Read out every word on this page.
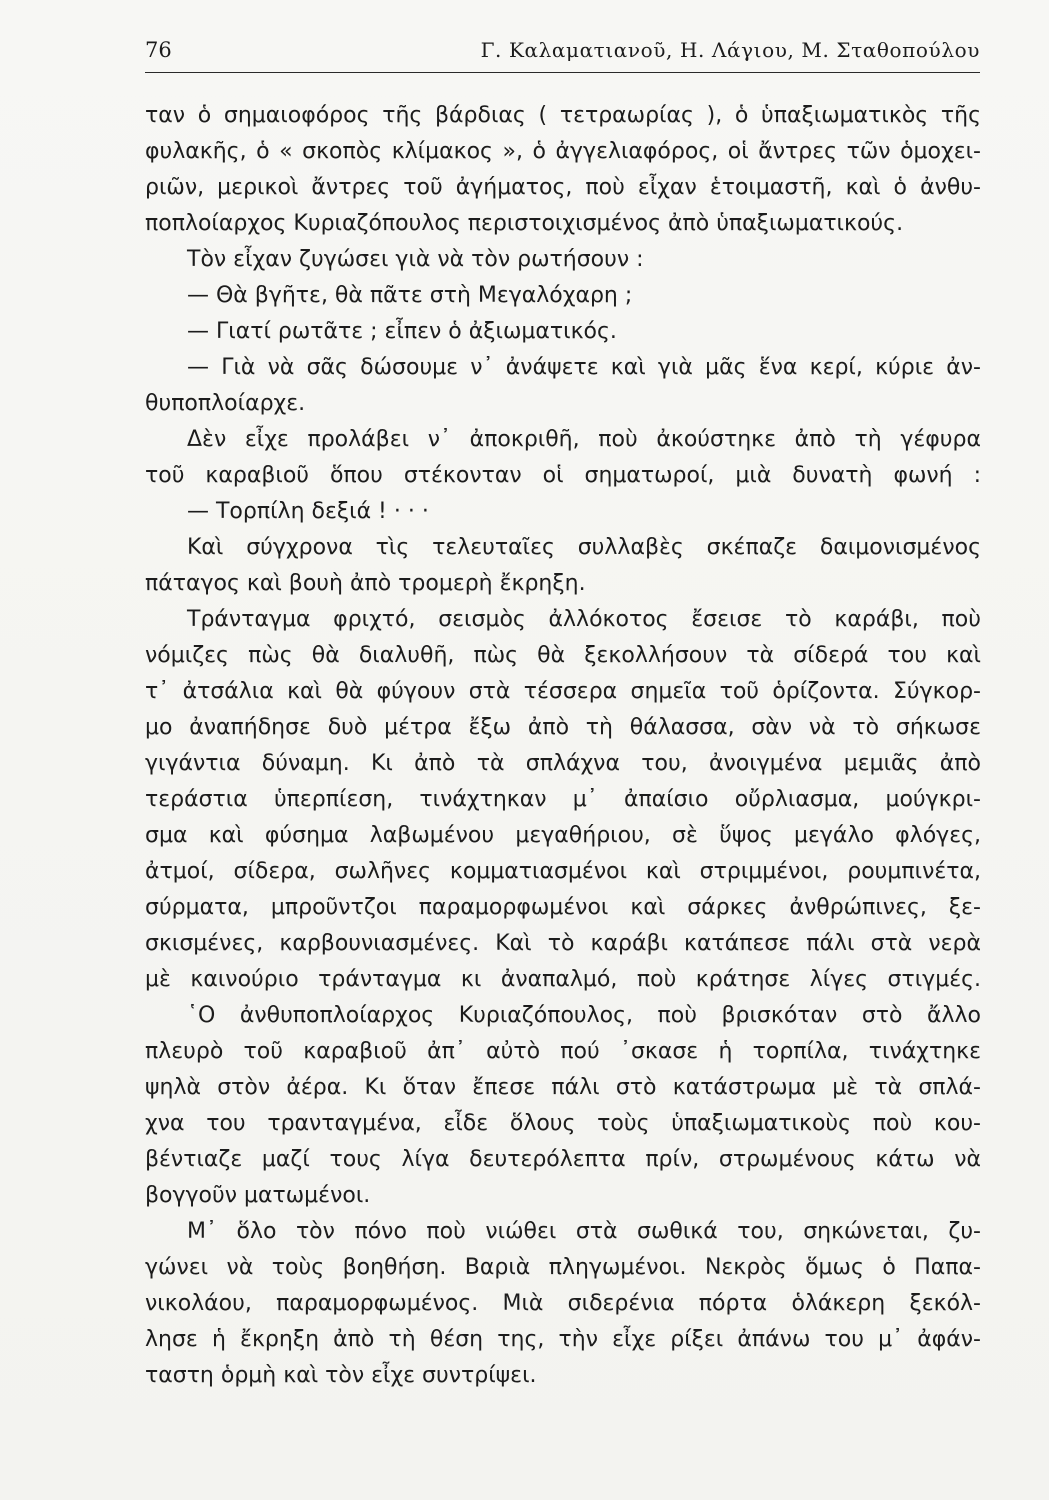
76	Γ. Καλαματιανοῦ, Η. Λάγιου, Μ. Σταθοπούλου
ταν ὁ σημαιοφόρος τῆς βάρδιας ( τετραωρίας ), ὁ ὑπαξιωματικὸς τῆς
φυλακῆς, ὁ « σκοπὸς κλίμακος », ὁ ἀγγελιαφόρος, οἱ ἄντρες τῶν ὁμοχει-
ριῶν, μερικοὶ ἄντρες τοῦ ἀγήματος, ποὺ εἶχαν ἑτοιμαστῆ, καὶ ὁ ἀνθυ-
ποπλοίαρχος Κυριαζόπουλος περιστοιχισμένος ἀπὸ ὑπαξιωματικούς.
Τὸν εἶχαν ζυγώσει γιὰ νὰ τὸν ρωτήσουν :
— Θὰ βγῆτε, θὰ πᾶτε στὴ Μεγαλόχαρη ;
— Γιατί ρωτᾶτε ; εἶπεν ὁ ἀξιωματικός.
— Γιὰ νὰ σᾶς δώσουμε ν᾿ ἀνάψετε καὶ γιὰ μᾶς ἕνα κερί, κύριε ἀν-
θυποπλοίαρχε.
Δὲν εἶχε προλάβει ν᾿ ἀποκριθῆ, ποὺ ἀκούστηκε ἀπὸ τὴ γέφυρα
τοῦ καραβιοῦ ὅπου στέκονταν οἱ σηματωροί, μιὰ δυνατὴ φωνή :
— Τορπίλη δεξιά ! · · ·
Καὶ σύγχρονα τὶς τελευταῖες συλλαβὲς σκέπαζε δαιμονισμένος
πάταγος καὶ βουὴ ἀπὸ τρομερὴ ἔκρηξη.
Τράνταγμα φριχτό, σεισμὸς ἀλλόκοτος ἔσεισε τὸ καράβι, ποὺ
νόμιζες πὼς θὰ διαλυθῆ, πὼς θὰ ξεκολλήσουν τὰ σίδερά του καὶ
τ᾿ ἀτσάλια καὶ θὰ φύγουν στὰ τέσσερα σημεῖα τοῦ ὁρίζοντα. Σύγκορ-
μο ἀναπήδησε δυὸ μέτρα ἔξω ἀπὸ τὴ θάλασσα, σὰν νὰ τὸ σήκωσε
γιγάντια δύναμη. Κι ἀπὸ τὰ σπλάχνα του, ἀνοιγμένα μεμιᾶς ἀπὸ
τεράστια ὑπερπίεση, τινάχτηκαν μ᾿ ἀπαίσιο οὔρλιασμα, μούγκρι-
σμα καὶ φύσημα λαβωμένου μεγαθήριου, σὲ ὕψος μεγάλο φλόγες,
ἀτμοί, σίδερα, σωλῆνες κομματιασμένοι καὶ στριμμένοι, ρουμπινέτα,
σύρματα, μπροῦντζοι παραμορφωμένοι καὶ σάρκες ἀνθρώπινες, ξε-
σκισμένες, καρβουνιασμένες. Καὶ τὸ καράβι κατάπεσε πάλι στὰ νερὰ
μὲ καινούριο τράνταγμα κι ἀναπαλμό, ποὺ κράτησε λίγες στιγμές.
῾Ο ἀνθυποπλοίαρχος Κυριαζόπουλος, ποὺ βρισκόταν στὸ ἄλλο
πλευρὸ τοῦ καραβιοῦ ἀπ᾿ αὐτὸ πού ᾿σκασε ἡ τορπίλα, τινάχτηκε
ψηλὰ στὸν ἀέρα. Κι ὅταν ἔπεσε πάλι στὸ κατάστρωμα μὲ τὰ σπλά-
χνα του τρανταγμένα, εἶδε ὅλους τοὺς ὑπαξιωματικοὺς ποὺ κου-
βέντιαζε μαζί τους λίγα δευτερόλεπτα πρίν, στρωμένους κάτω νὰ
βογγοῦν ματωμένοι.
Μ᾿ ὅλο τὸν πόνο ποὺ νιώθει στὰ σωθικά του, σηκώνεται, ζυ-
γώνει νὰ τοὺς βοηθήση. Βαριὰ πληγωμένοι. Νεκρὸς ὅμως ὁ Παπα-
νικολάου, παραμορφωμένος. Μιὰ σιδερένια πόρτα ὁλάκερη ξεκόλ-
λησε ἡ ἔκρηξη ἀπὸ τὴ θέση της, τὴν εἶχε ρίξει ἀπάνω του μ᾿ ἀφάν-
ταστη ὁρμὴ καὶ τὸν εἶχε συντρίψει.
